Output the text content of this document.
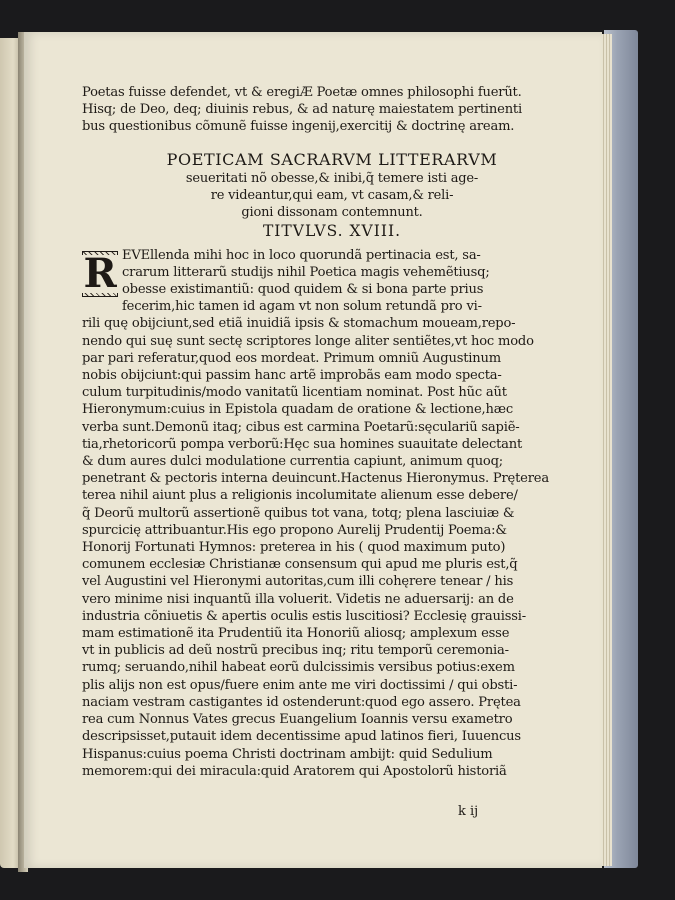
Poetas fuisse defendet, vt & eregiÆ Poetæ omnes philosophi fuerũt.
Hisq; de Deo, deq; diuinis rebus, & ad naturę maiestatem pertinenti
bus questionibus cõmunẽ fuisse ingenij,exercitij & doctrinę aream.
POETICAM SACRARVM LITTERARVM
seueritati nõ obesse,& inibi,q̃ temere isti age-
re videantur,qui eam, vt casam,& reli-
gioni dissonam contemnunt.
TITVLVS. XVIII.
R EVEllenda mihi hoc in loco quorundã pertinacia est, sa-
crarum litterarũ studijs nihil Poetica magis vehemẽtiusq;
obesse existimantiũ: quod quidem & si bona parte prius
fecerim,hic tamen id agam vt non solum retundã pro vi-
rili quę obijciunt,sed etiã inuidiã ipsis & stomachum moueam,repo-
nendo qui suę sunt sectę scriptores longe aliter sentiẽtes,vt hoc modo
par pari referatur,quod eos mordeat. Primum omniũ Augustinum
nobis obijciunt:qui passim hanc artẽ improbãs eam modo specta-
culum turpitudinis/modo vanitatũ licentiam nominat. Post hũc aũt
Hieronymum:cuius in Epistola quadam de oratione & lectione,hæc
verba sunt.Demonũ itaq; cibus est carmina Poetarũ:sęculariũ sapiẽ-
tia,rhetoricorũ pompa verborũ:Hęc sua homines suauitate delectant
& dum aures dulci modulatione currentia capiunt, animum quoq;
penetrant & pectoris interna deuincunt.Hactenus Hieronymus. Pręterea
terea nihil aiunt plus a religionis incolumitate alienum esse debere/
q̃ Deorũ multorũ assertionẽ quibus tot vana, totq; plena lasciuiæ &
spurcicię attribuantur.His ego propono Aurelij Prudentij Poema:&
Honorij Fortunati Hymnos: preterea in his ( quod maximum puto)
comunem ecclesiæ Christianæ consensum qui apud me pluris est,q̃
vel Augustini vel Hieronymi autoritas,cum illi cohęrere tenear / his
vero minime nisi inquantũ illa voluerit. Videtis ne aduersarij: an de
industria cõniuetis & apertis oculis estis luscitiosi? Ecclesię grauissi-
mam estimationẽ ita Prudentiũ ita Honoriũ aliosq; amplexum esse
vt in publicis ad deũ nostrũ precibus inq; ritu temporũ ceremonia-
rumq; seruando,nihil habeat eorũ dulcissimis versibus potius:exem
plis alijs non est opus/fuere enim ante me viri doctissimi / qui obsti-
naciam vestram castigantes id ostenderunt:quod ego assero. Prętea
rea cum Nonnus Vates grecus Euangelium Ioannis versu exametro
descripsisset,putauit idem decentissime apud latinos fieri, Iuuencus
Hispanus:cuius poema Christi doctrinam ambijt: quid Sedulium
memorem:qui dei miracula:quid Aratorem qui Apostolorũ historiã
k ij
